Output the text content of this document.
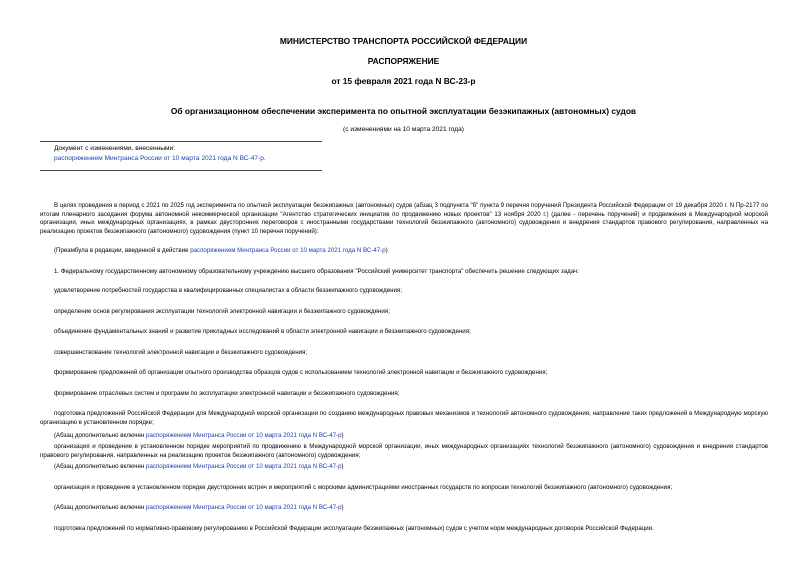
МИНИСТЕРСТВО ТРАНСПОРТА РОССИЙСКОЙ ФЕДЕРАЦИИ
РАСПОРЯЖЕНИЕ
от 15 февраля 2021 года N ВС-23-р
Об организационном обеспечении эксперимента по опытной эксплуатации безэкипажных (автономных) судов
(с изменениями на 10 марта 2021 года)
Документ с изменениями, внесенными:
распоряжением Минтранса России от 10 марта 2021 года N ВС-47-р.
В целях проведения в период с 2021 по 2025 год эксперимента по опытной эксплуатации безэкипажных (автономных) судов (абзац 3 подпункта "б" пункта 9 перечня поручений Президента Российской Федерации от 19 декабря 2020 г. N Пр-2177 по итогам пленарного заседания форума автономной некоммерческой организации "Агентство стратегических инициатив по продвижению новых проектов" 13 ноября 2020 г.) (далее - перечень поручений) и продвижения в Международной морской организации, иных международных организациях, в рамках двусторонних переговоров с иностранными государствами технологий безэкипажного (автономного) судовождения и внедрения стандартов правового регулирования, направленных на реализацию проектов безэкипажного (автономного) судовождения (пункт 10 перечня поручений):
(Преамбула в редакции, введенной в действие распоряжением Минтранса России от 10 марта 2021 года N ВС-47-р)
1. Федеральному государственному автономному образовательному учреждению высшего образования "Российский университет транспорта" обеспечить решение следующих задач:
удовлетворение потребностей государства в квалифицированных специалистах в области безэкипажного судовождения;
определение основ регулирования эксплуатации технологий электронной навигации и безэкипажного судовождения;
объединение фундаментальных знаний и развитие прикладных исследований в области электронной навигации и безэкипажного судовождения;
совершенствование технологий электронной навигации и безэкипажного судовождения;
формирование предложений об организации опытного производства образцов судов с использованием технологий электронной навигации и безэкипажного судовождения;
формирование отраслевых систем и программ по эксплуатации электронной навигации и безэкипажного судовождения;
подготовка предложений Российской Федерации для Международной морской организации по созданию международных правовых механизмов и технологий автономного судовождения, направление таких предложений в Международную морскую организацию в установленном порядке;
(Абзац дополнительно включен распоряжением Минтранса России от 10 марта 2021 года N ВС-47-р)
организация и проведение в установленном порядке мероприятий по продвижению в Международной морской организации, иных международных организациях технологий безэкипажного (автономного) судовождения и внедрения стандартов правового регулирования, направленных на реализацию проектов безэкипажного (автономного) судовождения;
(Абзац дополнительно включен распоряжением Минтранса России от 10 марта 2021 года N ВС-47-р)
организация и проведение в установленном порядке двусторонних встреч и мероприятий с морскими администрациями иностранных государств по вопросам технологий безэкипажного (автономного) судовождения;
(Абзац дополнительно включен распоряжением Минтранса России от 10 марта 2021 года N ВС-47-р)
подготовка предложений по нормативно-правовому регулированию в Российской Федерации эксплуатации безэкипажных (автономных) судов с учетом норм международных договоров Российской Федерации.
